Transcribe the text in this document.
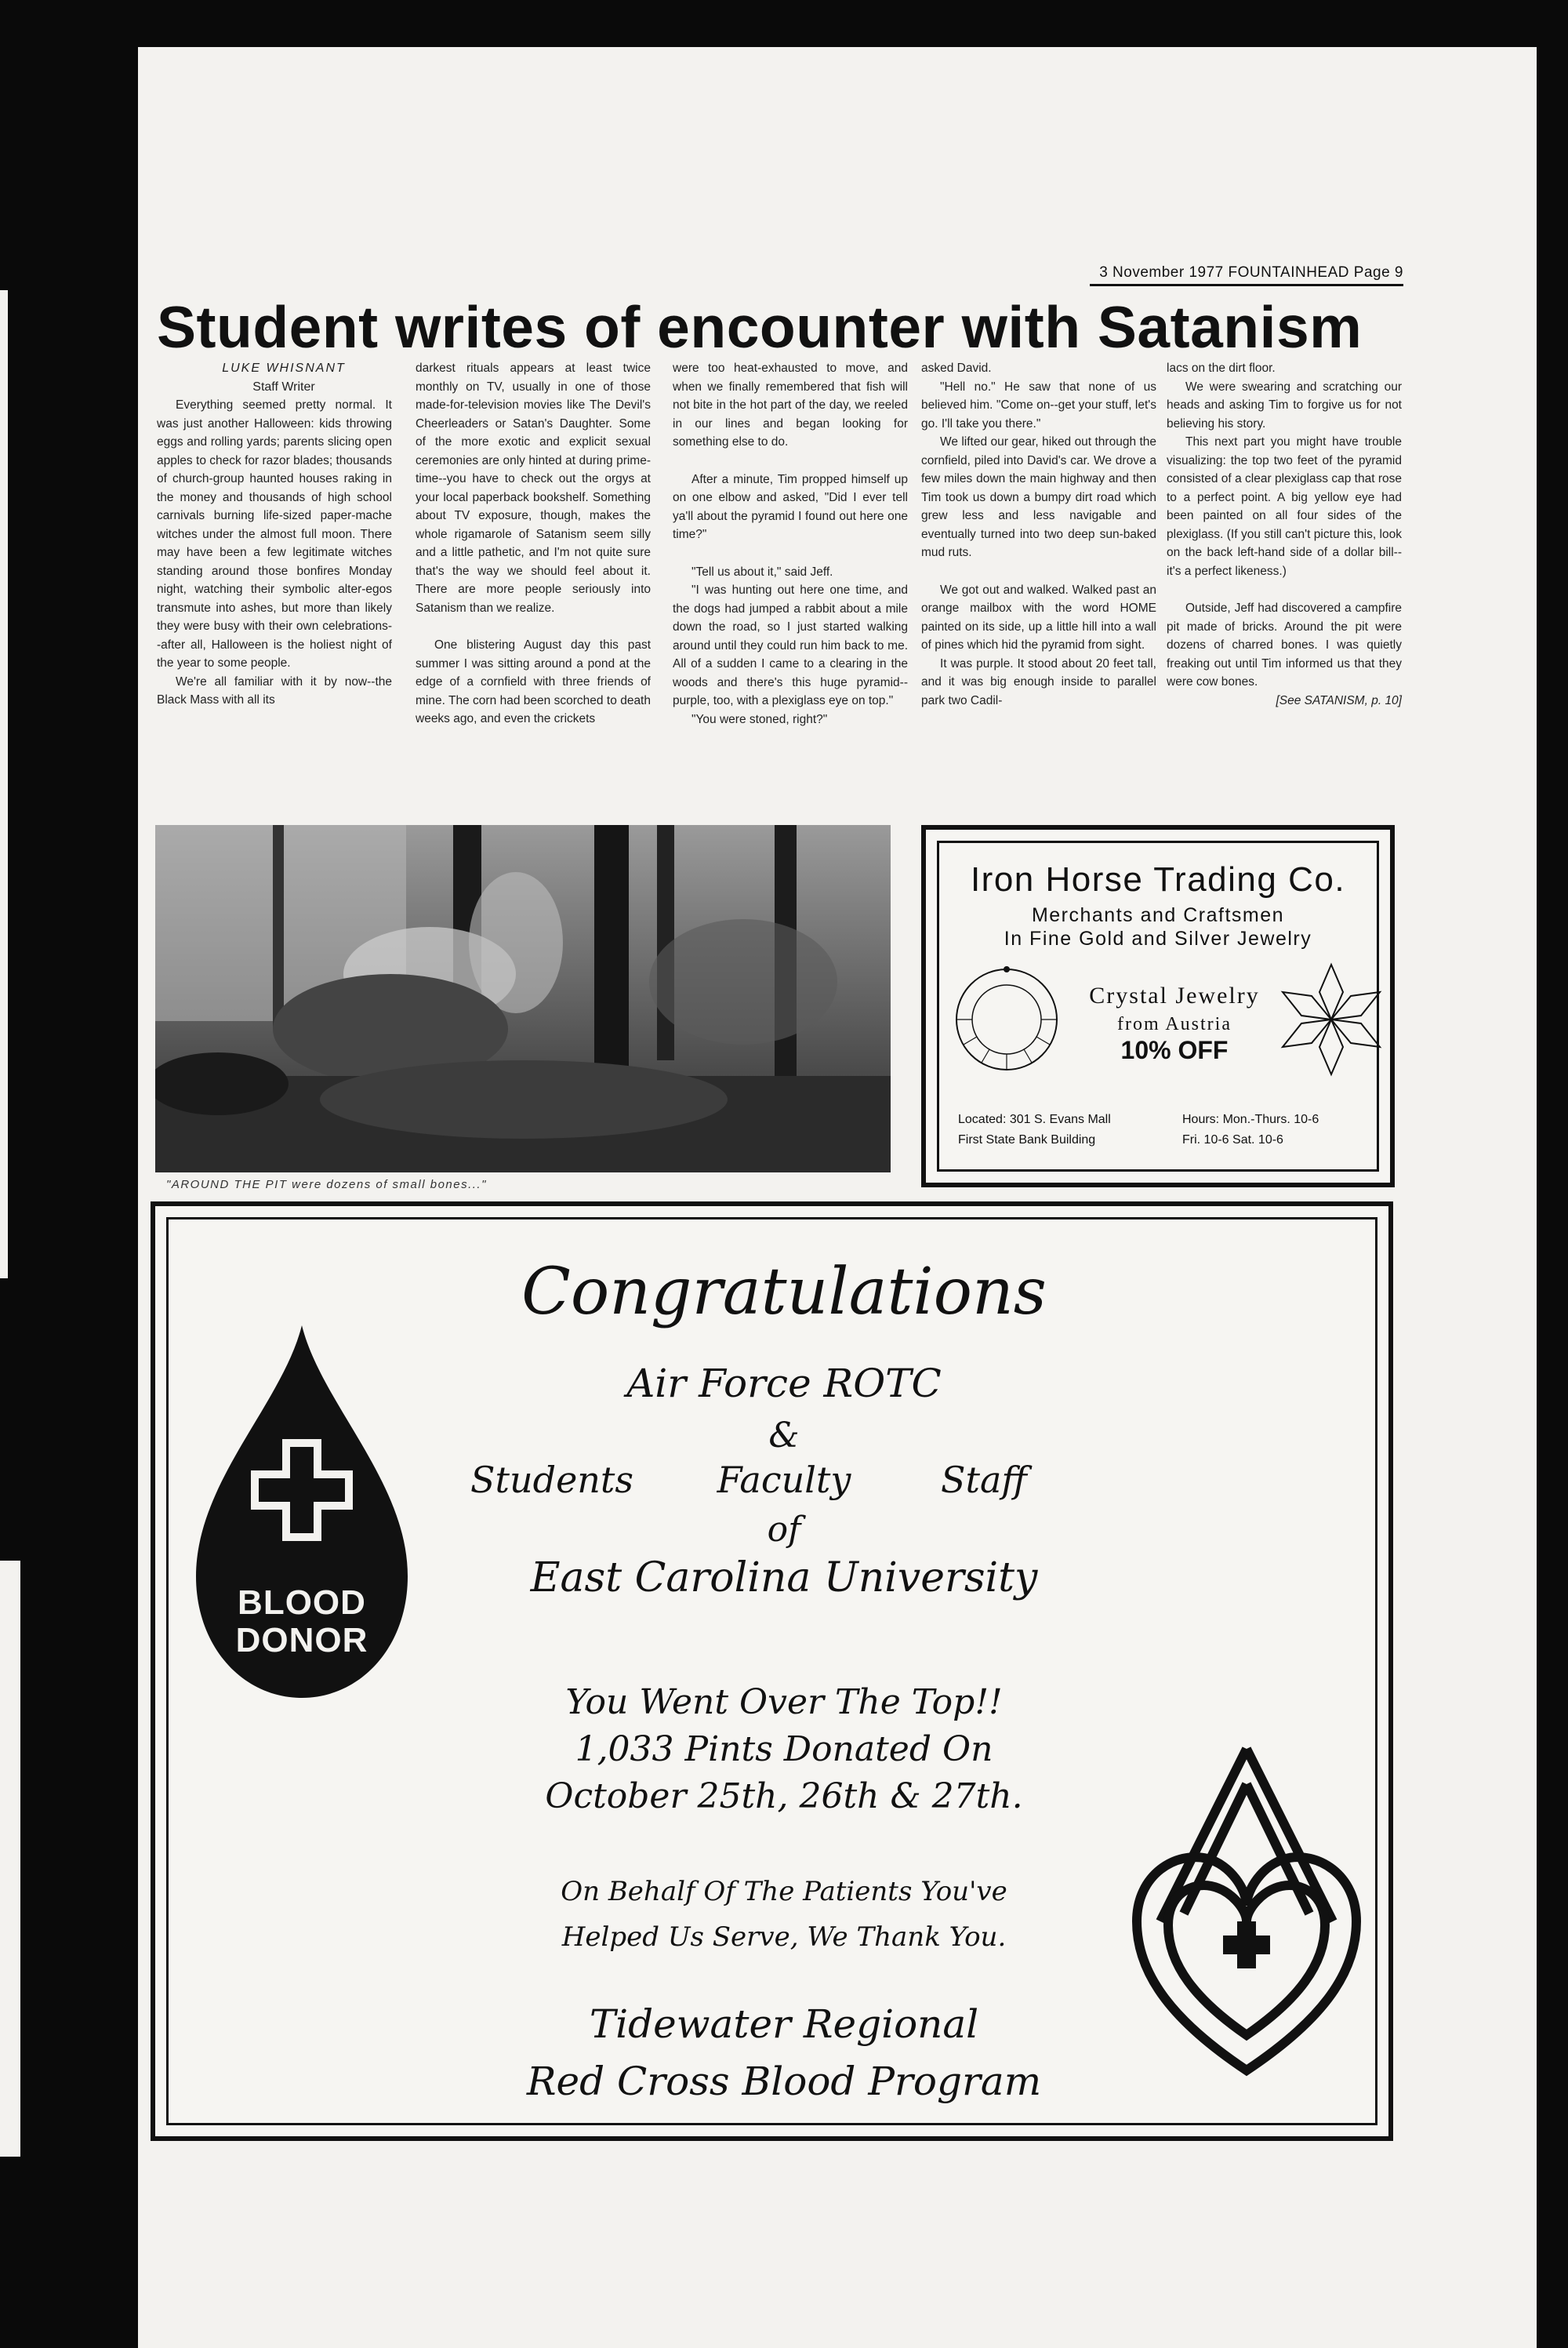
3 November 1977 FOUNTAINHEAD Page 9
Student writes of encounter with Satanism

LUKE WHISNANT

Staff Writer

Everything seemed pretty normal. It was just another Halloween: kids throwing eggs and rolling yards; parents slicing open apples to check for razor blades; thousands of church-group haunted houses raking in the money and thousands of high school carnivals burning life-sized paper-mache witches under the almost full moon. There may have been a few legitimate witches standing around those bonfires Monday night, watching their symbolic alter-egos transmute into ashes, but more than likely they were busy with their own celebrations--after all, Halloween is the holiest night of the year to some people.

We're all familiar with it by now--the Black Mass with all its

darkest rituals appears at least twice monthly on TV, usually in one of those made-for-television movies like The Devil's Cheerleaders or Satan's Daughter. Some of the more exotic and explicit sexual ceremonies are only hinted at during prime-time--you have to check out the orgys at your local paperback bookshelf. Something about TV exposure, though, makes the whole rigamarole of Satanism seem silly and a little pathetic, and I'm not quite sure that's the way we should feel about it. There are more people seriously into Satanism than we realize.

One blistering August day this past summer I was sitting around a pond at the edge of a cornfield with three friends of mine. The corn had been scorched to death weeks ago, and even the crickets

were too heat-exhausted to move, and when we finally remembered that fish will not bite in the hot part of the day, we reeled in our lines and began looking for something else to do.

After a minute, Tim propped himself up on one elbow and asked, "Did I ever tell ya'll about the pyramid I found out here one time?"

"Tell us about it," said Jeff.

"I was hunting out here one time, and the dogs had jumped a rabbit about a mile down the road, so I just started walking around until they could run him back to me. All of a sudden I came to a clearing in the woods and there's this huge pyramid--purple, too, with a plexiglass eye on top."

"You were stoned, right?"

asked David.

"Hell no." He saw that none of us believed him. "Come on--get your stuff, let's go. I'll take you there."

We lifted our gear, hiked out through the cornfield, piled into David's car. We drove a few miles down the main highway and then Tim took us down a bumpy dirt road which grew less and less navigable and eventually turned into two deep sun-baked mud ruts.

We got out and walked. Walked past an orange mailbox with the word HOME painted on its side, up a little hill into a wall of pines which hid the pyramid from sight.

It was purple. It stood about 20 feet tall, and it was big enough inside to parallel park two Cadil-

lacs on the dirt floor.

We were swearing and scratching our heads and asking Tim to forgive us for not believing his story.

This next part you might have trouble visualizing: the top two feet of the pyramid consisted of a clear plexiglass cap that rose to a perfect point. A big yellow eye had been painted on all four sides of the plexiglass. (If you still can't picture this, look on the back left-hand side of a dollar bill--it's a perfect likeness.)

Outside, Jeff had discovered a campfire pit made of bricks. Around the pit were dozens of charred bones. I was quietly freaking out until Tim informed us that they were cow bones.

[See SATANISM, p. 10]

"AROUND THE PIT were dozens of small bones..."
Iron Horse Trading Co.
Merchants and Craftsmen
In Fine Gold and Silver Jewelry
Crystal Jewelry
from Austria
10% OFF
Located: 301 S. Evans Mall
First State Bank Building
Hours: Mon.-Thurs. 10-6
Fri. 10-6 Sat. 10-6
Congratulations
Air Force ROTC
&
Students	Faculty	Staff
of
East Carolina University
You Went Over The Top!!
1,033 Pints Donated On
October 25th, 26th & 27th.
On Behalf Of The Patients You've
Helped Us Serve, We Thank You.
Tidewater Regional
Red Cross Blood Program
BLOOD
DONOR
